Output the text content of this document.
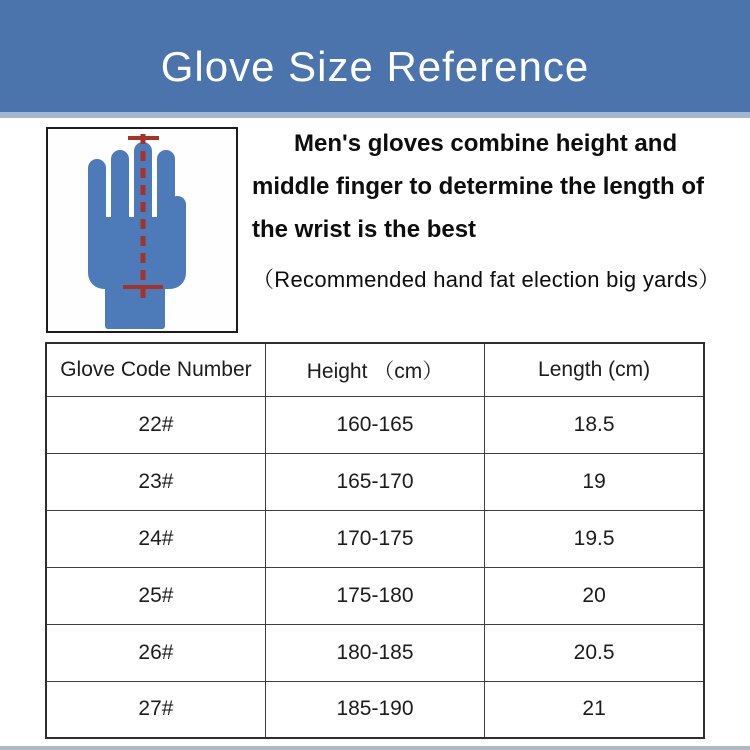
Glove Size Reference

Men's gloves combine height and middle finger to determine the length of the wrist is the best

（Recommended hand fat election big yards）

Glove Code Number	Height （cm）	Length (cm)
22#	160-165	18.5
23#	165-170	19
24#	170-175	19.5
25#	175-180	20
26#	180-185	20.5
27#	185-190	21
